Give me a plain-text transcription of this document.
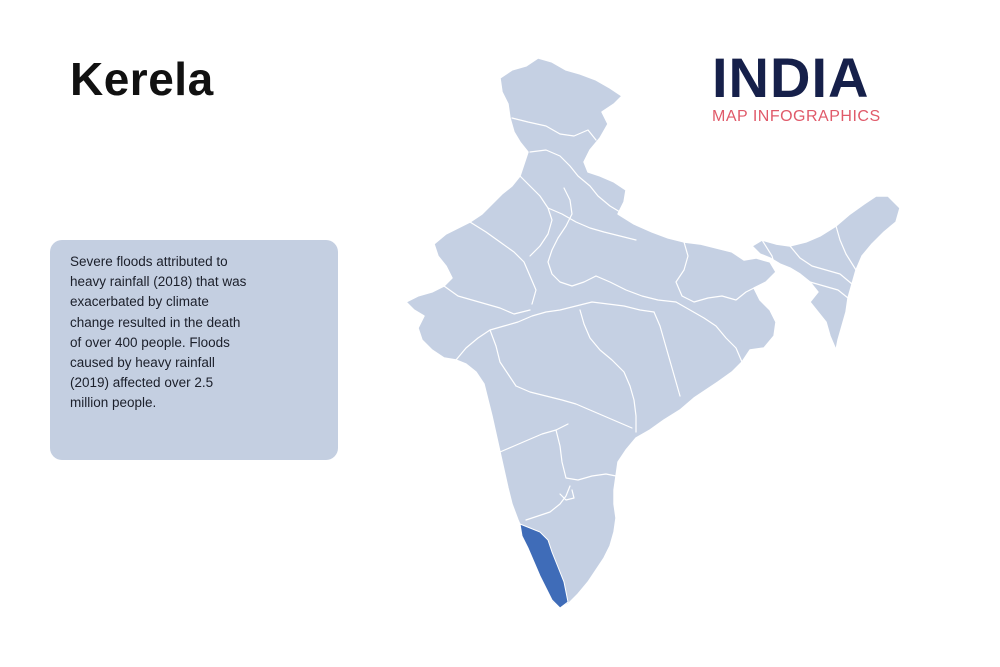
Kerela	INDIA
MAP INFOGRAPHICS

Severe floods attributed to heavy rainfall (2018) that was exacerbated by climate change resulted in the death of over 400 people. Floods caused by heavy rainfall (2019) affected over 2.5 million people.
